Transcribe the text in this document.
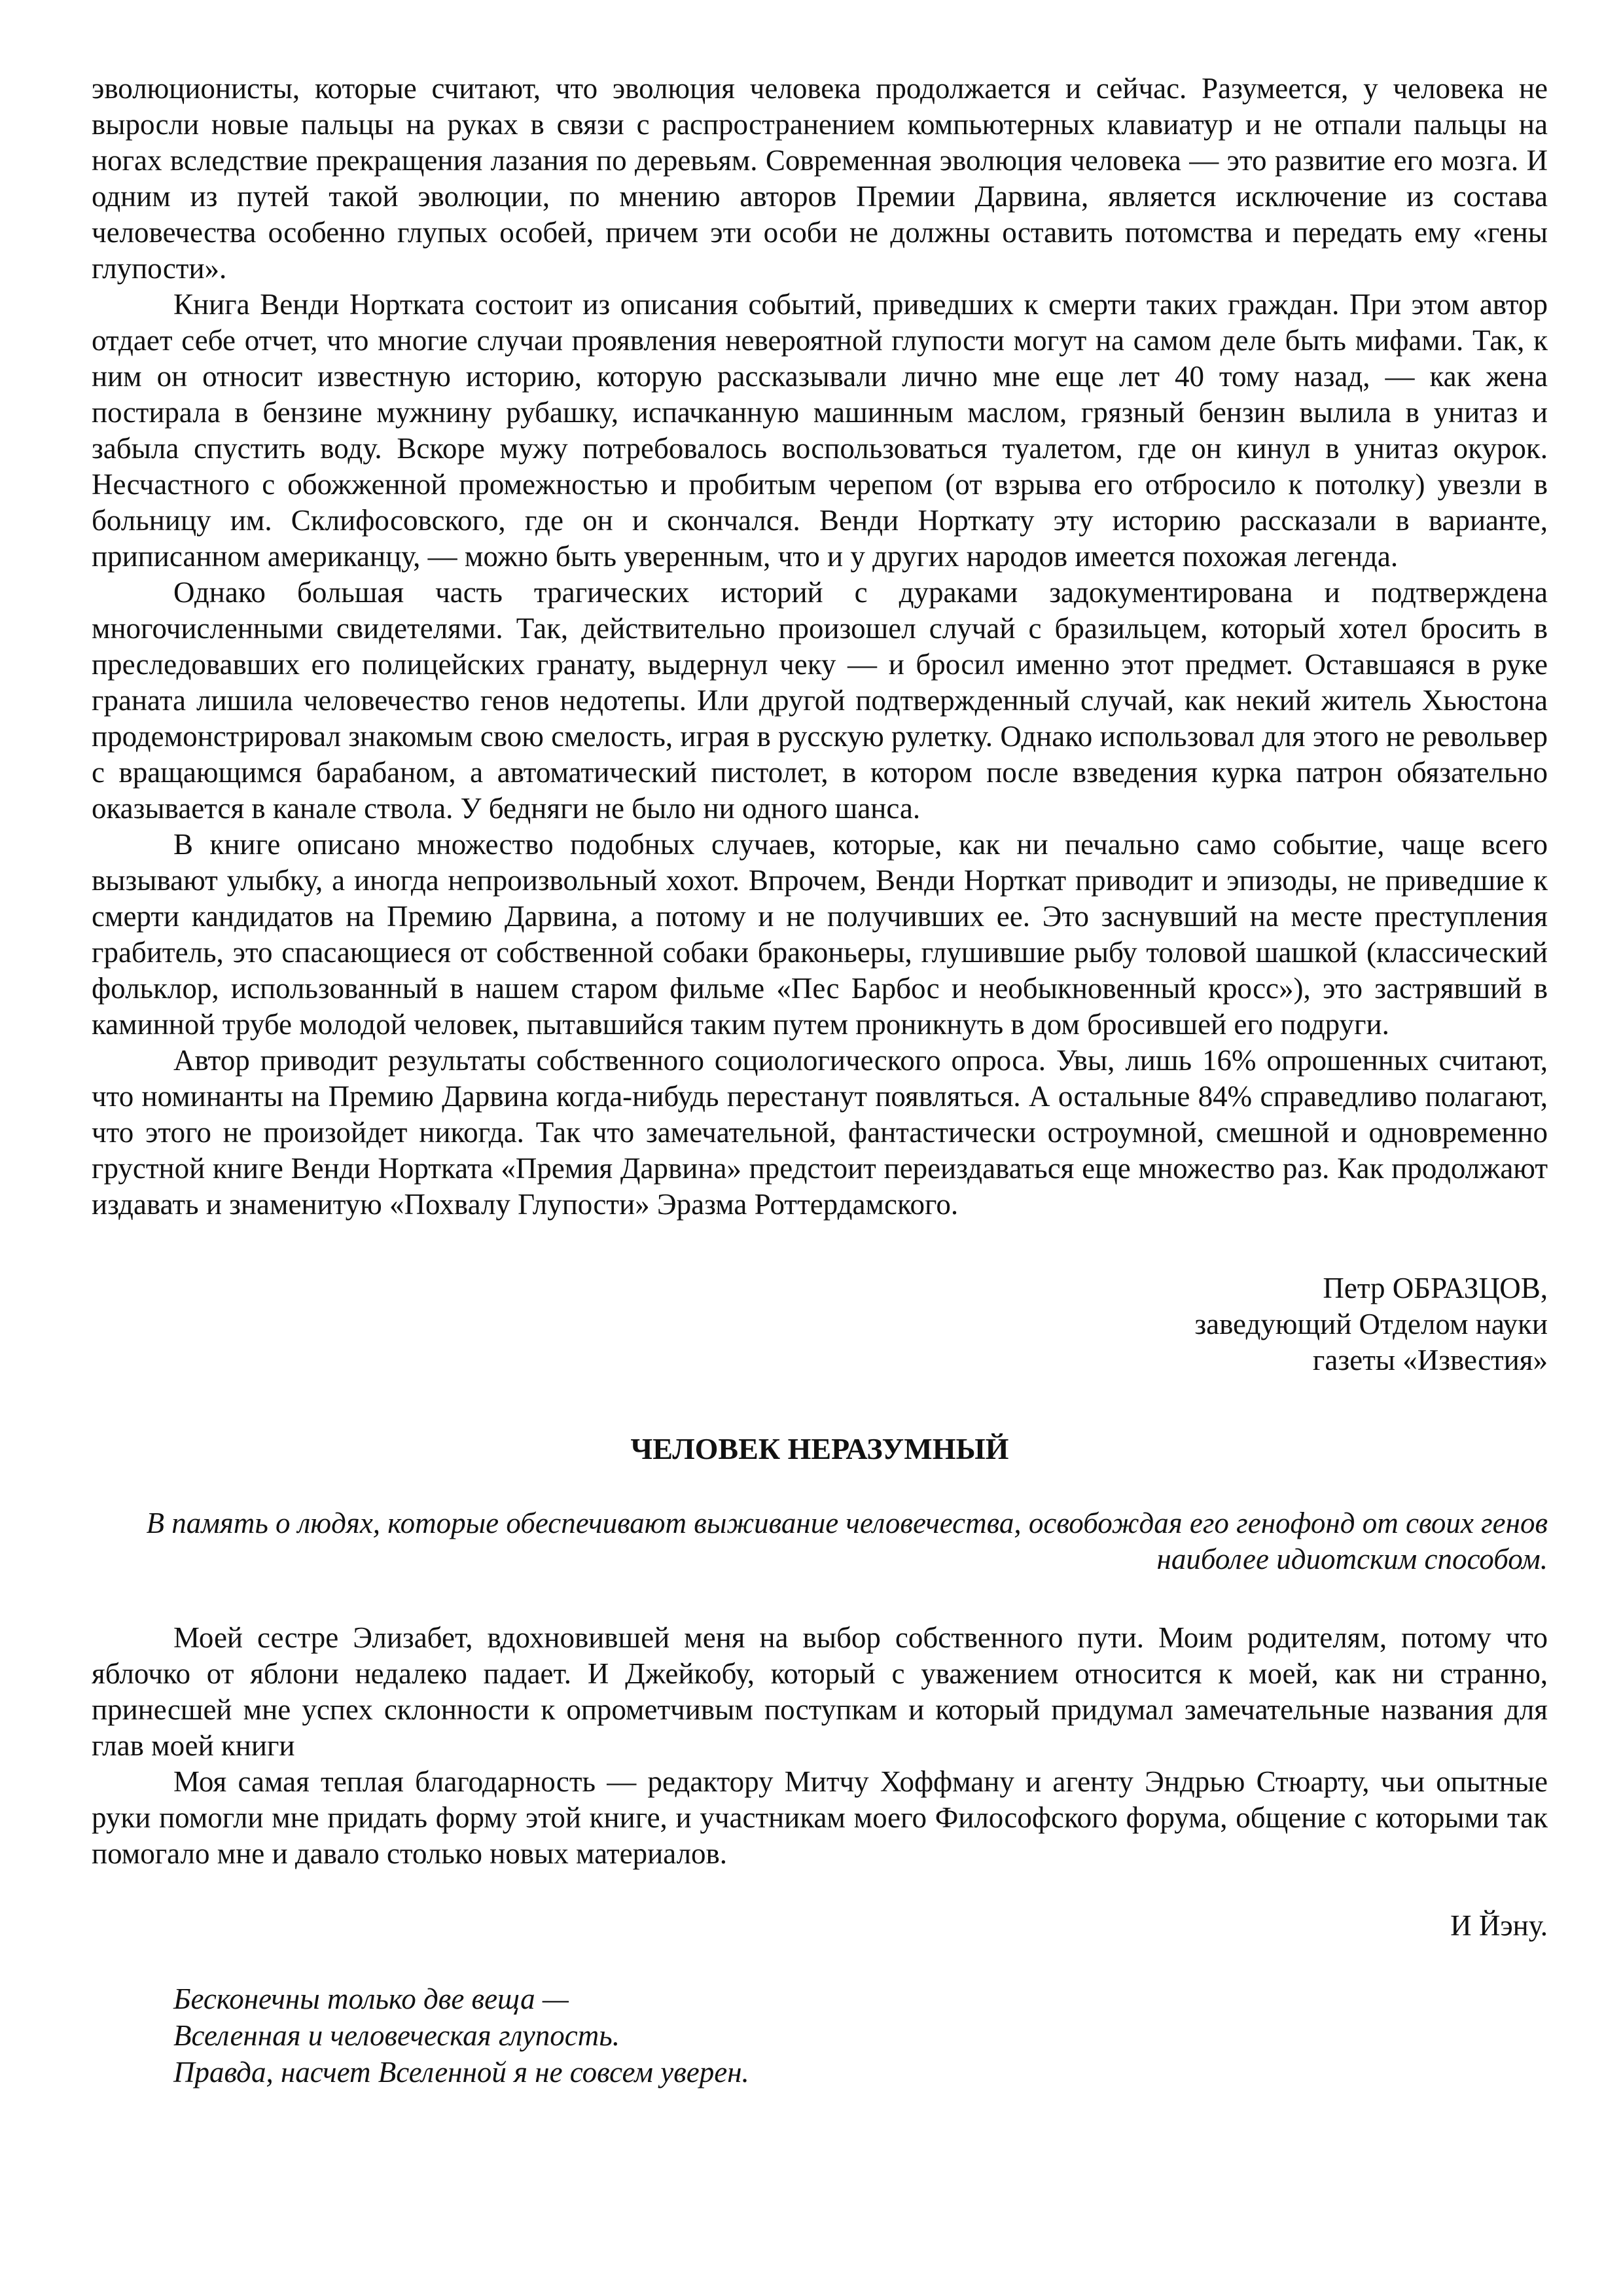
эволюционисты, которые считают, что эволюция человека продолжается и сейчас. Разумеется, у человека не выросли новые пальцы на руках в связи с распространением компьютерных клавиатур и не отпали пальцы на ногах вследствие прекращения лазания по деревьям. Современная эволюция человека — это развитие его мозга. И одним из путей такой эволюции, по мнению авторов Премии Дарвина, является исключение из состава человечества особенно глупых особей, причем эти особи не должны оставить потомства и передать ему «гены глупости».

Книга Венди Норткатa состоит из описания событий, приведших к смерти таких граждан. При этом автор отдает себе отчет, что многие случаи проявления невероятной глупости могут на самом деле быть мифами. Так, к ним он относит известную историю, которую рассказывали лично мне еще лет 40 тому назад, — как жена постирала в бензине мужнину рубашку, испачканную машинным маслом, грязный бензин вылила в унитаз и забыла спустить воду. Вскоре мужу потребовалось воспользоваться туалетом, где он кинул в унитаз окурок. Несчастного с обожженной промежностью и пробитым черепом (от взрыва его отбросило к потолку) увезли в больницу им. Склифосовского, где он и скончался. Венди Норткату эту историю рассказали в варианте, приписанном американцу, — можно быть уверенным, что и у других народов имеется похожая легенда.

Однако большая часть трагических историй с дураками задокументирована и подтверждена многочисленными свидетелями. Так, действительно произошел случай с бразильцем, который хотел бросить в преследовавших его полицейских гранату, выдернул чеку — и бросил именно этот предмет. Оставшаяся в руке граната лишила человечество генов недотепы. Или другой подтвержденный случай, как некий житель Хьюстона продемонстрировал знакомым свою смелость, играя в русскую рулетку. Однако использовал для этого не револьвер с вращающимся барабаном, а автоматический пистолет, в котором после взведения курка патрон обязательно оказывается в канале ствола. У бедняги не было ни одного шанса.

В книге описано множество подобных случаев, которые, как ни печально само событие, чаще всего вызывают улыбку, а иногда непроизвольный хохот. Впрочем, Венди Норткат приводит и эпизоды, не приведшие к смерти кандидатов на Премию Дарвина, а потому и не получивших ее. Это заснувший на месте преступления грабитель, это спасающиеся от собственной собаки браконьеры, глушившие рыбу толовой шашкой (классический фольклор, использованный в нашем старом фильме «Пес Барбос и необыкновенный кросс»), это застрявший в каминной трубе молодой человек, пытавшийся таким путем проникнуть в дом бросившей его подруги.

Автор приводит результаты собственного социологического опроса. Увы, лишь 16% опрошенных считают, что номинанты на Премию Дарвина когда-нибудь перестанут появляться. А остальные 84% справедливо полагают, что этого не произойдет никогда. Так что замечательной, фантастически остроумной, смешной и одновременно грустной книге Венди Норткатa «Премия Дарвина» предстоит переиздаваться еще множество раз. Как продолжают издавать и знаменитую «Похвалу Глупости» Эразма Роттердамского.

Петр ОБРАЗЦОВ,
заведующий Отделом науки
газеты «Известия»
ЧЕЛОВЕК НЕРАЗУМНЫЙ
В память о людях, которые обеспечивают выживание человечества, освобождая его генофонд от своих генов наиболее идиотским способом.

Моей сестре Элизабет, вдохновившей меня на выбор собственного пути. Моим родителям, потому что яблочко от яблони недалеко падает. И Джейкобу, который с уважением относится к моей, как ни странно, принесшей мне успех склонности к опрометчивым поступкам и который придумал замечательные названия для глав моей книги

Моя самая теплая благодарность — редактору Митчу Хоффману и агенту Эндрью Стюарту, чьи опытные руки помогли мне придать форму этой книге, и участникам моего Философского форума, общение с которыми так помогало мне и давало столько новых материалов.

И Йэну.
Бесконечны только две веща —
Вселенная и человеческая глупость.
Правда, насчет Вселенной я не совсем уверен.
